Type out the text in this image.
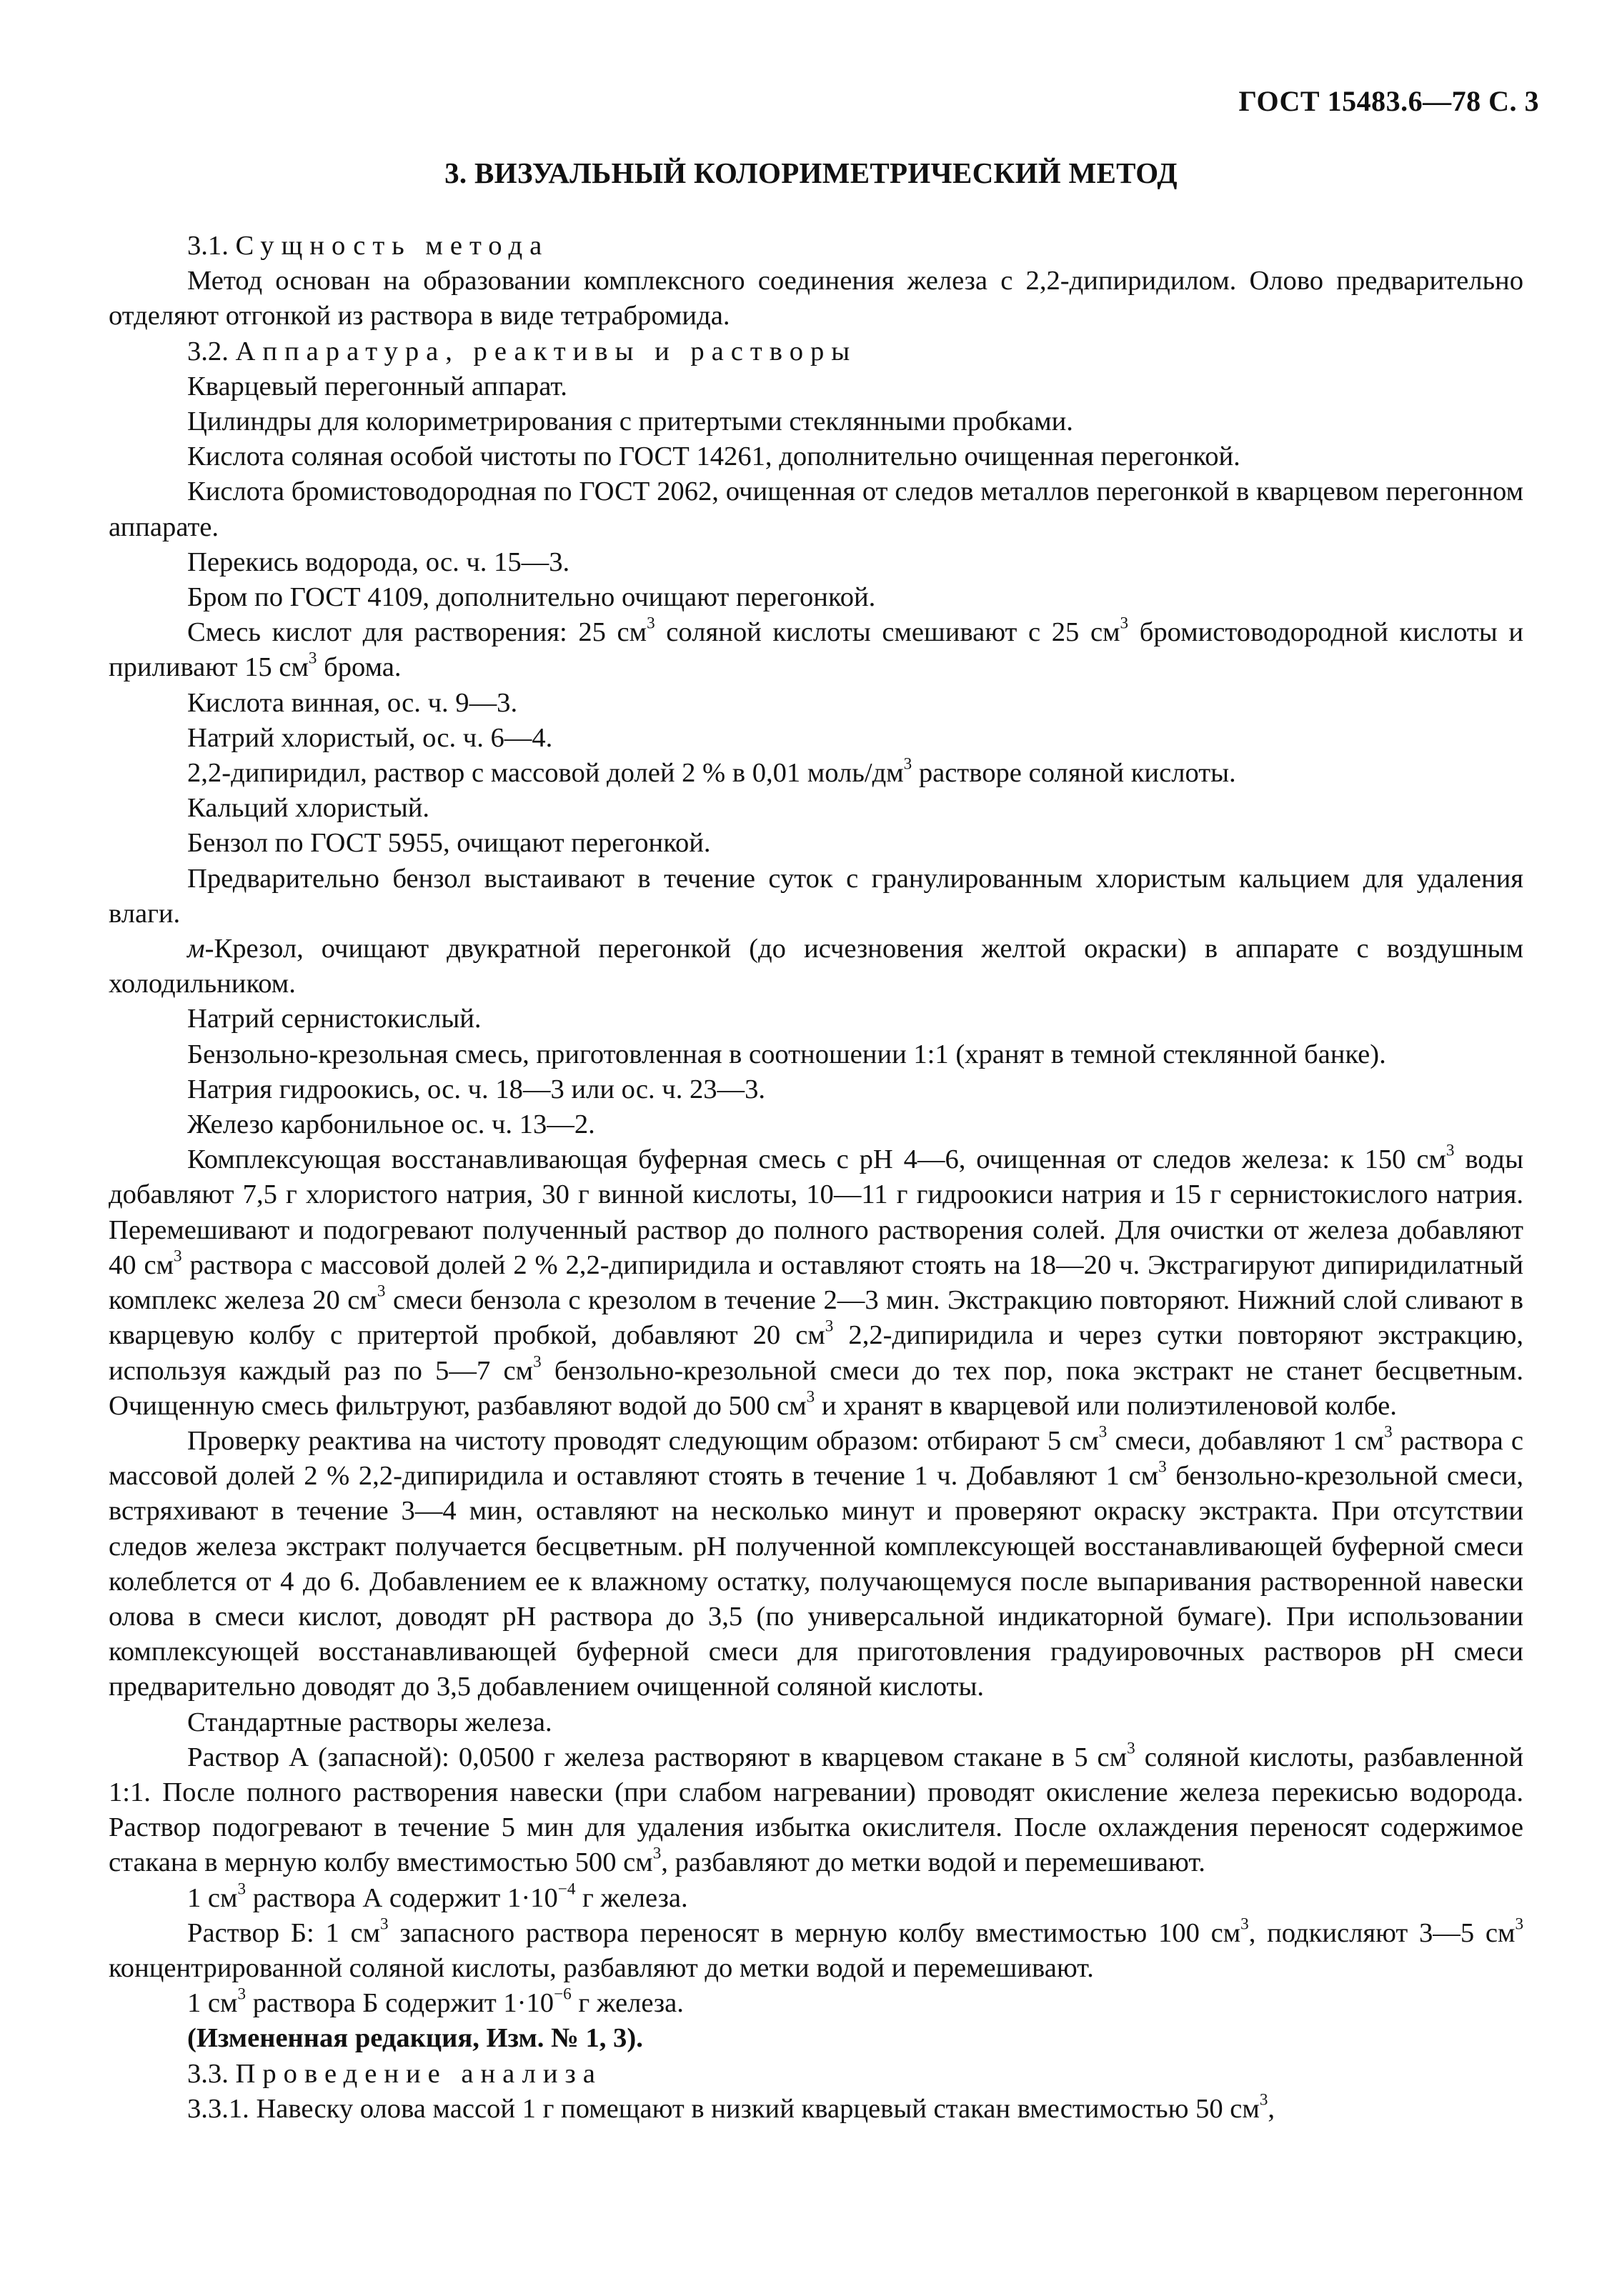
ГОСТ 15483.6—78 С. 3
3. ВИЗУАЛЬНЫЙ КОЛОРИМЕТРИЧЕСКИЙ МЕТОД

3.1. Сущность метода

Метод основан на образовании комплексного соединения железа с 2,2-дипиридилом. Олово предварительно отделяют отгонкой из раствора в виде тетрабромида.

3.2. Аппаратура, реактивы и растворы

Кварцевый перегонный аппарат.

Цилиндры для колориметрирования с притертыми стеклянными пробками.

Кислота соляная особой чистоты по ГОСТ 14261, дополнительно очищенная перегонкой.

Кислота бромистоводородная по ГОСТ 2062, очищенная от следов металлов перегонкой в кварцевом перегонном аппарате.

Перекись водорода, ос. ч. 15—3.

Бром по ГОСТ 4109, дополнительно очищают перегонкой.

Смесь кислот для растворения: 25 $см^3$ соляной кислоты смешивают с 25 $см^3$ бромистоводородной кислоты и приливают 15 $см^3$ брома.

Кислота винная, ос. ч. 9—3.

Натрий хлористый, ос. ч. 6—4.

2,2-дипиридил, раствор с массовой долей 2 % в 0,01 моль/$дм^3$ растворе соляной кислоты.

Кальций хлористый.

Бензол по ГОСТ 5955, очищают перегонкой.

Предварительно бензол выстаивают в течение суток с гранулированным хлористым кальцием для удаления влаги.

м-Крезол, очищают двукратной перегонкой (до исчезновения желтой окраски) в аппарате с воздушным холодильником.

Натрий сернистокислый.

Бензольно-крезольная смесь, приготовленная в соотношении 1:1 (хранят в темной стеклянной банке).

Натрия гидроокись, ос. ч. 18—3 или ос. ч. 23—3.

Железо карбонильное ос. ч. 13—2.

Комплексующая восстанавливающая буферная смесь с pH 4—6, очищенная от следов железа: к 150 $см^3$ воды добавляют 7,5 г хлористого натрия, 30 г винной кислоты, 10—11 г гидроокиси натрия и 15 г сернистокислого натрия. Перемешивают и подогревают полученный раствор до полного растворения солей. Для очистки от железа добавляют 40 $см^3$ раствора с массовой долей 2 % 2,2-дипиридила и оставляют стоять на 18—20 ч. Экстрагируют дипиридилатный комплекс железа 20 $см^3$ смеси бензола с крезолом в течение 2—3 мин. Экстракцию повторяют. Нижний слой сливают в кварцевую колбу с притертой пробкой, добавляют 20 $см^3$ 2,2-дипиридила и через сутки повторяют экстракцию, используя каждый раз по 5—7 $см^3$ бензольно-крезольной смеси до тех пор, пока экстракт не станет бесцветным. Очищенную смесь фильтруют, разбавляют водой до 500 $см^3$ и хранят в кварцевой или полиэтиленовой колбе.

Проверку реактива на чистоту проводят следующим образом: отбирают 5 $см^3$ смеси, добавляют 1 $см^3$ раствора с массовой долей 2 % 2,2-дипиридила и оставляют стоять в течение 1 ч. Добавляют 1 $см^3$ бензольно-крезольной смеси, встряхивают в течение 3—4 мин, оставляют на несколько минут и проверяют окраску экстракта. При отсутствии следов железа экстракт получается бесцветным. pH полученной комплексующей восстанавливающей буферной смеси колеблется от 4 до 6. Добавлением ее к влажному остатку, получающемуся после выпаривания растворенной навески олова в смеси кислот, доводят pH раствора до 3,5 (по универсальной индикаторной бумаге). При использовании комплексующей восстанавливающей буферной смеси для приготовления градуировочных растворов pH смеси предварительно доводят до 3,5 добавлением очищенной соляной кислоты.

Стандартные растворы железа.

Раствор А (запасной): 0,0500 г железа растворяют в кварцевом стакане в 5 $см^3$ соляной кислоты, разбавленной 1:1. После полного растворения навески (при слабом нагревании) проводят окисление железа перекисью водорода. Раствор подогревают в течение 5 мин для удаления избытка окислителя. После охлаждения переносят содержимое стакана в мерную колбу вместимостью 500 $см^3$, разбавляют до метки водой и перемешивают.

1 $см^3$ раствора А содержит $1\cdot 10^{-4}$ г железа.

Раствор Б: 1 $см^3$ запасного раствора переносят в мерную колбу вместимостью 100 $см^3$, подкисляют 3—5 $см^3$ концентрированной соляной кислоты, разбавляют до метки водой и перемешивают.

1 $см^3$ раствора Б содержит $1\cdot 10^{-6}$ г железа.

(Измененная редакция, Изм. № 1, 3).

3.3. Проведение анализа

3.3.1. Навеску олова массой 1 г помещают в низкий кварцевый стакан вместимостью 50 $см^3$,
